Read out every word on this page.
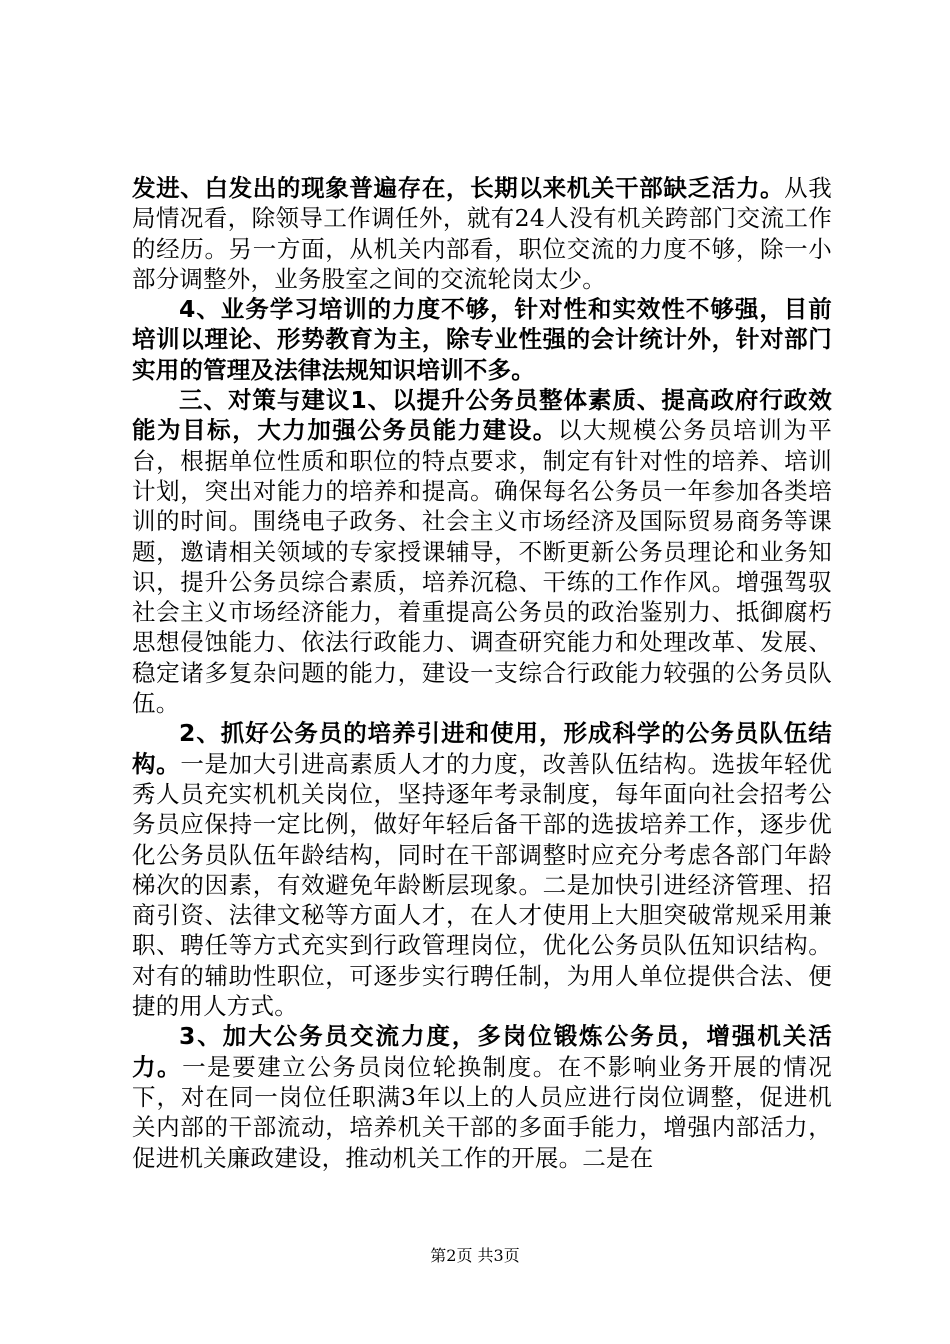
发进、白发出的现象普遍存在，长期以来机关干部缺乏活力。从我局情况看，除领导工作调任外，就有24人没有机关跨部门交流工作的经历。另一方面，从机关内部看，职位交流的力度不够，除一小部分调整外，业务股室之间的交流轮岗太少。

4、业务学习培训的力度不够，针对性和实效性不够强，目前培训以理论、形势教育为主，除专业性强的会计统计外，针对部门实用的管理及法律法规知识培训不多。

三、对策与建议1、以提升公务员整体素质、提高政府行政效能为目标，大力加强公务员能力建设。以大规模公务员培训为平台，根据单位性质和职位的特点要求，制定有针对性的培养、培训计划，突出对能力的培养和提高。确保每名公务员一年参加各类培训的时间。围绕电子政务、社会主义市场经济及国际贸易商务等课题，邀请相关领域的专家授课辅导，不断更新公务员理论和业务知识，提升公务员综合素质，培养沉稳、干练的工作作风。增强驾驭社会主义市场经济能力，着重提高公务员的政治鉴别力、抵御腐朽思想侵蚀能力、依法行政能力、调查研究能力和处理改革、发展、稳定诸多复杂问题的能力，建设一支综合行政能力较强的公务员队伍。

2、抓好公务员的培养引进和使用，形成科学的公务员队伍结构。一是加大引进高素质人才的力度，改善队伍结构。选拔年轻优秀人员充实机机关岗位，坚持逐年考录制度，每年面向社会招考公务员应保持一定比例，做好年轻后备干部的选拔培养工作，逐步优化公务员队伍年龄结构，同时在干部调整时应充分考虑各部门年龄梯次的因素，有效避免年龄断层现象。二是加快引进经济管理、招商引资、法律文秘等方面人才，在人才使用上大胆突破常规采用兼职、聘任等方式充实到行政管理岗位，优化公务员队伍知识结构。对有的辅助性职位，可逐步实行聘任制，为用人单位提供合法、便捷的用人方式。

3、加大公务员交流力度，多岗位锻炼公务员，增强机关活力。一是要建立公务员岗位轮换制度。在不影响业务开展的情况下，对在同一岗位任职满3年以上的人员应进行岗位调整，促进机关内部的干部流动，培养机关干部的多面手能力，增强内部活力，促进机关廉政建设，推动机关工作的开展。二是在

第2页 共3页
